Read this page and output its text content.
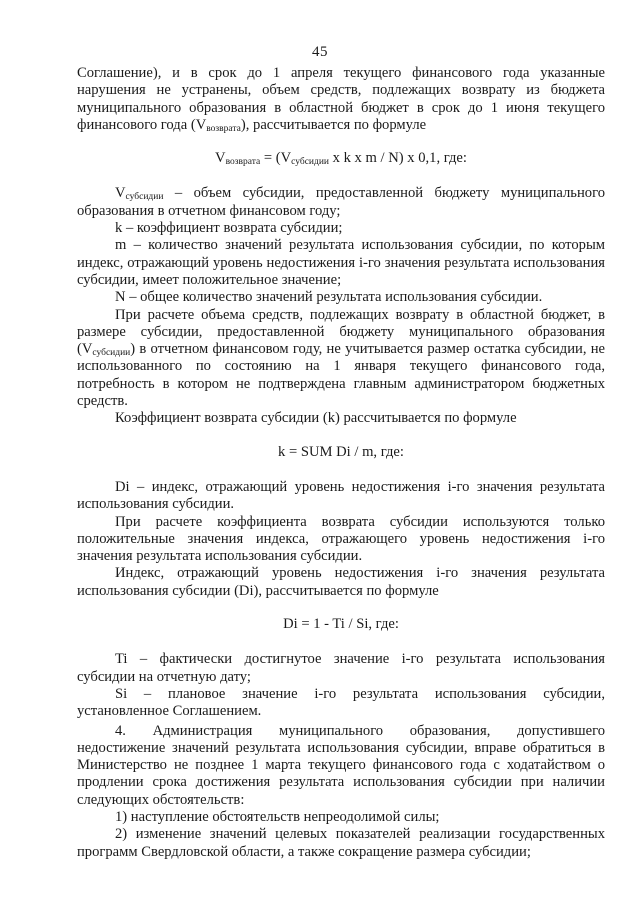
45

Соглашение), и в срок до 1 апреля текущего финансового года указанные нарушения не устранены, объем средств, подлежащих возврату из бюджета муниципального образования в областной бюджет в срок до 1 июня текущего финансового года $(V_{возврата})$, рассчитывается по формуле

$V_{возврата} = (V_{субсидии}$ x k x m / N) x 0,1, где:

$V_{субсидии}$ – объем субсидии, предоставленной бюджету муниципального образования в отчетном финансовом году;

k – коэффициент возврата субсидии;

m – количество значений результата использования субсидии, по которым индекс, отражающий уровень недостижения i-го значения результата использования субсидии, имеет положительное значение;

N – общее количество значений результата использования субсидии.

При расчете объема средств, подлежащих возврату в областной бюджет, в размере субсидии, предоставленной бюджету муниципального образования $(V_{субсидии})$ в отчетном финансовом году, не учитывается размер остатка субсидии, не использованного по состоянию на 1 января текущего финансового года, потребность в котором не подтверждена главным администратором бюджетных средств.

Коэффициент возврата субсидии (k) рассчитывается по формуле

k = SUM Di / m, где:

Di – индекс, отражающий уровень недостижения i-го значения результата использования субсидии.

При расчете коэффициента возврата субсидии используются только положительные значения индекса, отражающего уровень недостижения i-го значения результата использования субсидии.

Индекс, отражающий уровень недостижения i-го значения результата использования субсидии (Di), рассчитывается по формуле

Di = 1 - Ti / Si, где:

Ti – фактически достигнутое значение i-го результата использования субсидии на отчетную дату;

Si – плановое значение i-го результата использования субсидии, установленное Соглашением.

4. Администрация муниципального образования, допустившего недостижение значений результата использования субсидии, вправе обратиться в Министерство не позднее 1 марта текущего финансового года с ходатайством о продлении срока достижения результата использования субсидии при наличии следующих обстоятельств:

1) наступление обстоятельств непреодолимой силы;

2) изменение значений целевых показателей реализации государственных программ Свердловской области, а также сокращение размера субсидии;
